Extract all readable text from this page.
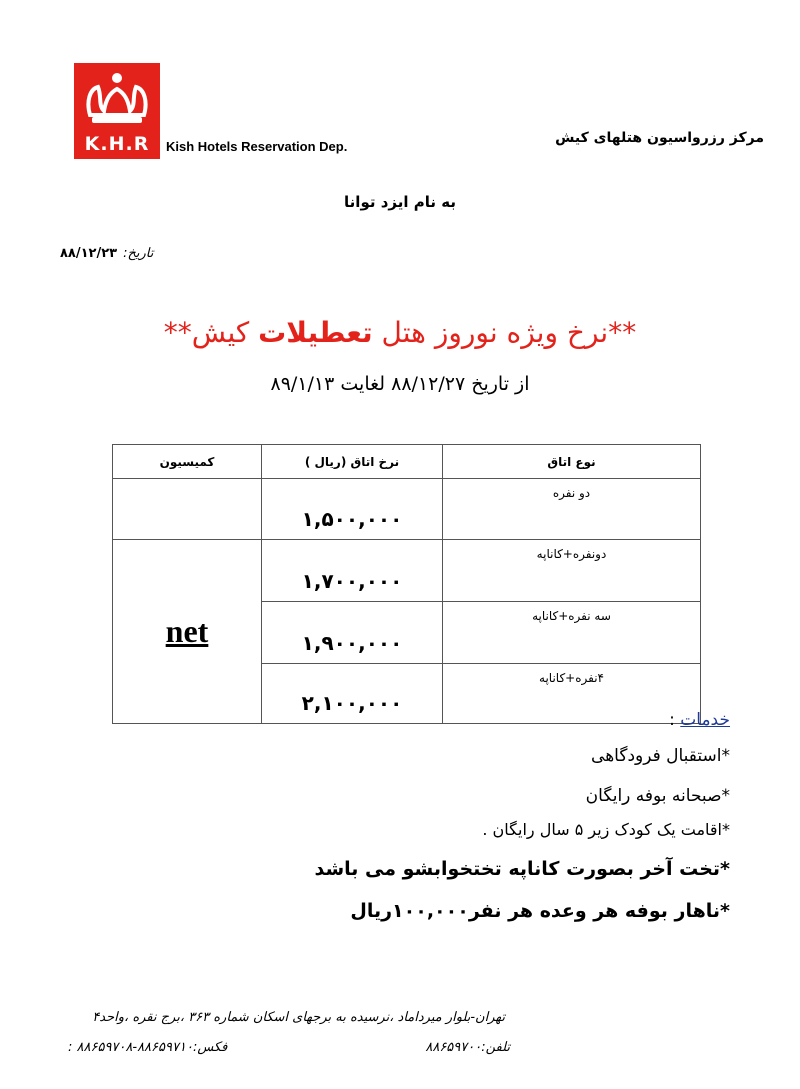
K.H.R Kish Hotels Reservation Dep.
مرکز رزرواسیون هتلهای کیش
به نام ایزد توانا
تاریخ:
۸۸/۱۲/۲۳
**نرخ ویژه نوروز هتل تعطیلات کیش**
از تاریخ ۸۸/۱۲/۲۷ لغایت ۸۹/۱/۱۳
نوع اتاق	نرخ اتاق (ریال )	کمیسیون
دو نفره	۱,۵۰۰,۰۰۰	
دونفره+کاناپه	۱,۷۰۰,۰۰۰	net
سه نفره+کاناپه	۱,۹۰۰,۰۰۰	
۴نفره+کاناپه	۲,۱۰۰,۰۰۰	
خدمات :
*استقبال فرودگاهی
*صبحانه بوفه رایگان
*اقامت یک کودک زیر ۵ سال رایگان .
*تخت آخر بصورت کاناپه تختخوابشو می باشد
*ناهار بوفه هر وعده هر نفر۱۰۰,۰۰۰ریال
تهران-بلوار میرداماد ،نرسیده به برجهای اسکان شماره ۳۶۳ ،برج نقره ،واحد۴
تلفن:۸۸۶۵۹۷۰۰
فکس:۸۸۶۵۹۷۱۰-۸۸۶۵۹۷۰۸ :
